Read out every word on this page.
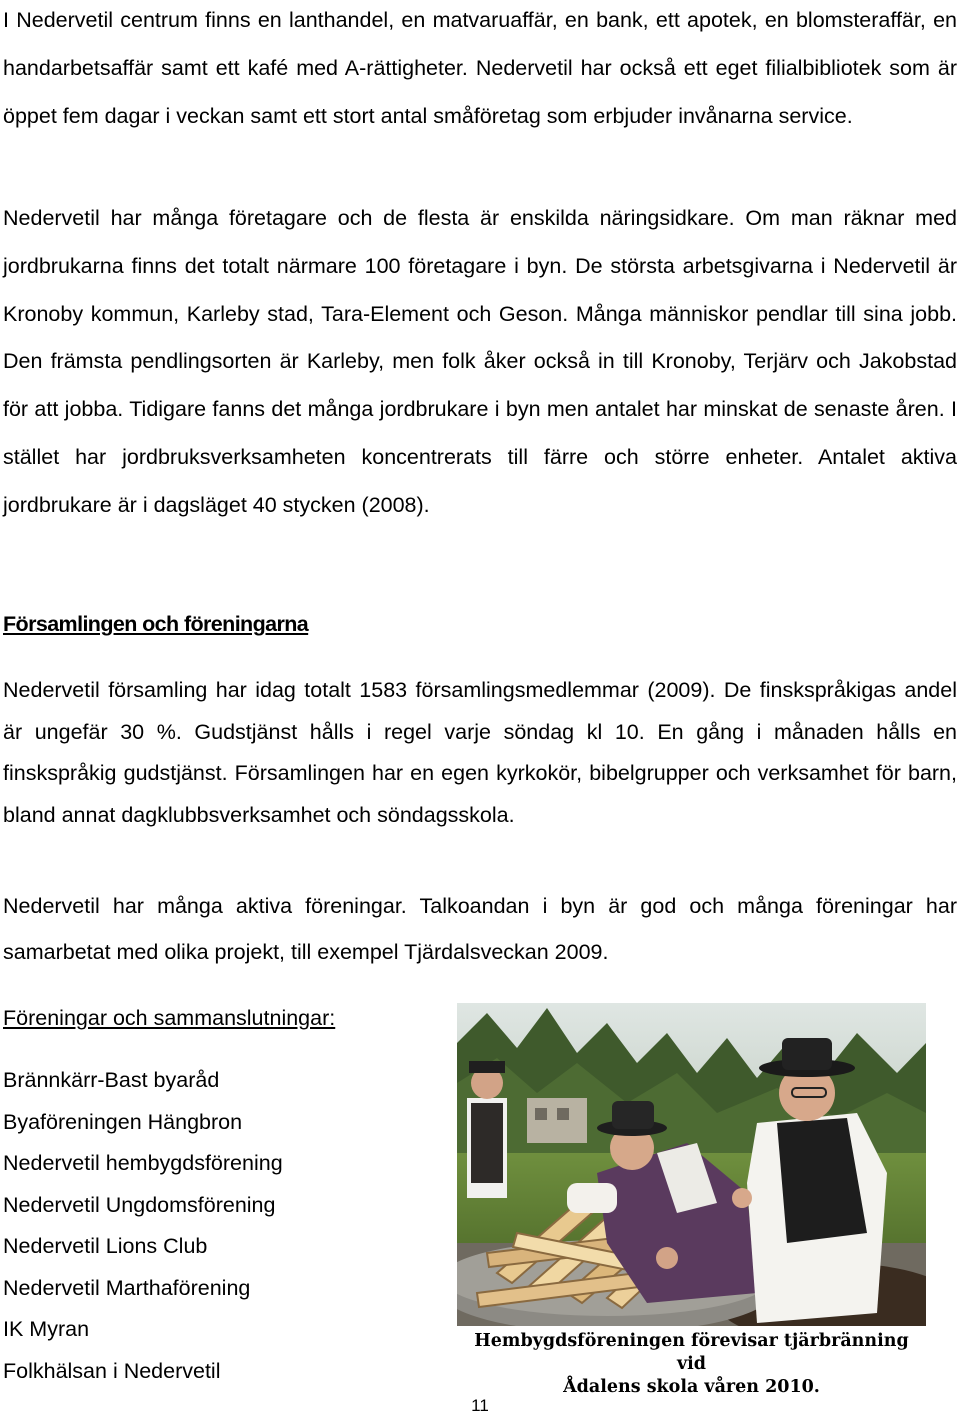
I Nedervetil centrum finns en lanthandel, en matvaruaffär, en bank, ett apotek, en blomsteraffär, en handarbetsaffär samt ett kafé med A-rättigheter. Nedervetil har också ett eget filialbibliotek som är öppet fem dagar i veckan samt ett stort antal småföretag som erbjuder invånarna service.

Nedervetil har många företagare och de flesta är enskilda näringsidkare. Om man räknar med jordbrukarna finns det totalt närmare 100 företagare i byn. De största arbetsgivarna i Nedervetil är Kronoby kommun, Karleby stad, Tara-Element och Geson. Många människor pendlar till sina jobb. Den främsta pendlingsorten är Karleby, men folk åker också in till Kronoby, Terjärv och Jakobstad för att jobba. Tidigare fanns det många jordbrukare i byn men antalet har minskat de senaste åren. I stället har jordbruksverksamheten koncentrerats till färre och större enheter. Antalet aktiva jordbrukare är i dagsläget 40 stycken (2008).

Församlingen och föreningarna

Nedervetil församling har idag totalt 1583 församlingsmedlemmar (2009). De finskspråkigas andel är ungefär 30 %. Gudstjänst hålls i regel varje söndag kl 10. En gång i månaden hålls en finskspråkig gudstjänst. Församlingen har en egen kyrkokör, bibelgrupper och verksamhet för barn, bland annat dagklubbsverksamhet och söndagsskola.

Nedervetil har många aktiva föreningar. Talkoandan i byn är god och många föreningar har samarbetat med olika projekt, till exempel Tjärdalsveckan 2009.

Föreningar och sammanslutningar:

Brännkärr-Bast byaråd
Byaföreningen Hängbron
Nedervetil hembygdsförening
Nedervetil Ungdomsförening
Nedervetil Lions Club
Nedervetil Marthaförening
IK Myran
Folkhälsan i Nedervetil

Hembygdsföreningen förevisar tjärbränning vid
Ådalens skola våren 2010.

11
